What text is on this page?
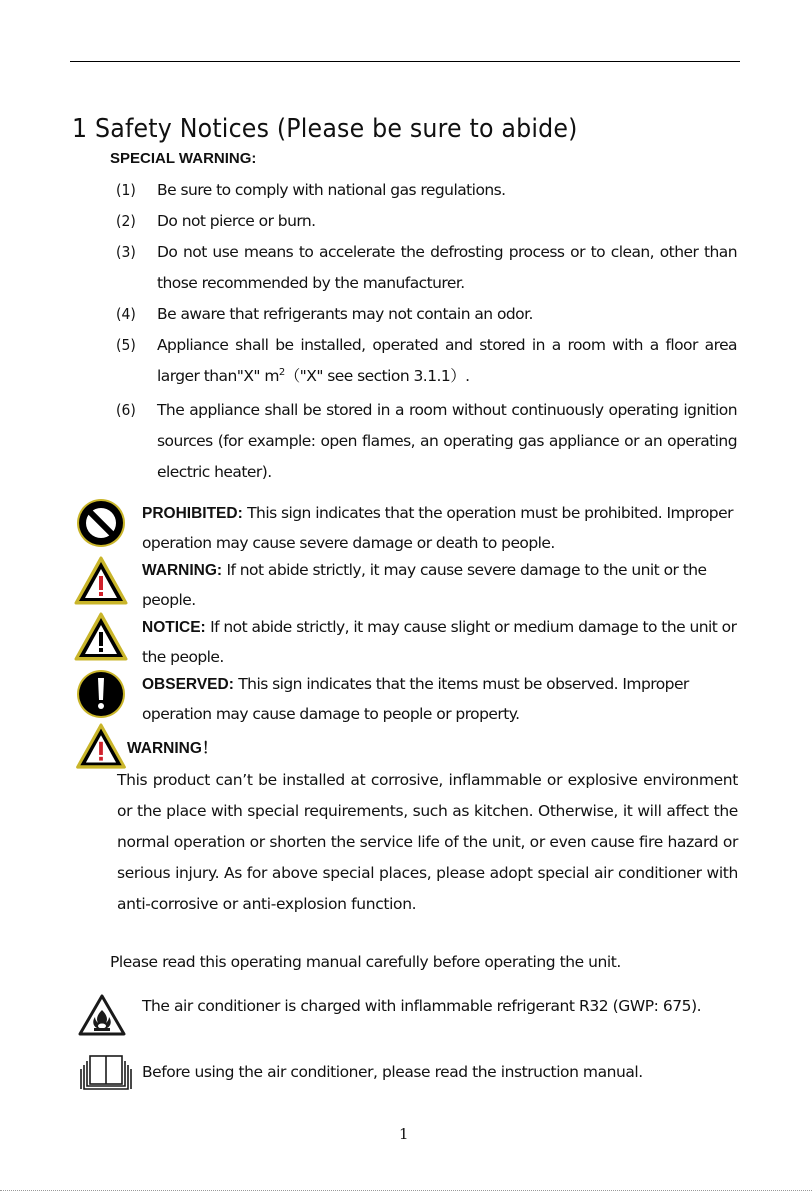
1 Safety Notices (Please be sure to abide)
SPECIAL WARNING:
(1) Be sure to comply with national gas regulations.
(2) Do not pierce or burn.
(3) Do not use means to accelerate the defrosting process or to clean, other than those recommended by the manufacturer.
(4) Be aware that refrigerants may not contain an odor.
(5) Appliance shall be installed, operated and stored in a room with a floor area larger than"X" $m^2("X$" see section 3.1.1）.
(6) The appliance shall be stored in a room without continuously operating ignition sources (for example: open flames, an operating gas appliance or an operating electric heater).
PROHIBITED: This sign indicates that the operation must be prohibited. Improper operation may cause severe damage or death to people.
WARNING: If not abide strictly, it may cause severe damage to the unit or the people.
NOTICE: If not abide strictly, it may cause slight or medium damage to the unit or the people.
OBSERVED: This sign indicates that the items must be observed. Improper operation may cause damage to people or property.
WARNING！
This product can’t be installed at corrosive, inflammable or explosive environment or the place with special requirements, such as kitchen. Otherwise, it will affect the normal operation or shorten the service life of the unit, or even cause fire hazard or serious injury. As for above special places, please adopt special air conditioner with anti-corrosive or anti-explosion function.
Please read this operating manual carefully before operating the unit.
The air conditioner is charged with inflammable refrigerant R32 (GWP: 675).
Before using the air conditioner, please read the instruction manual.
1
